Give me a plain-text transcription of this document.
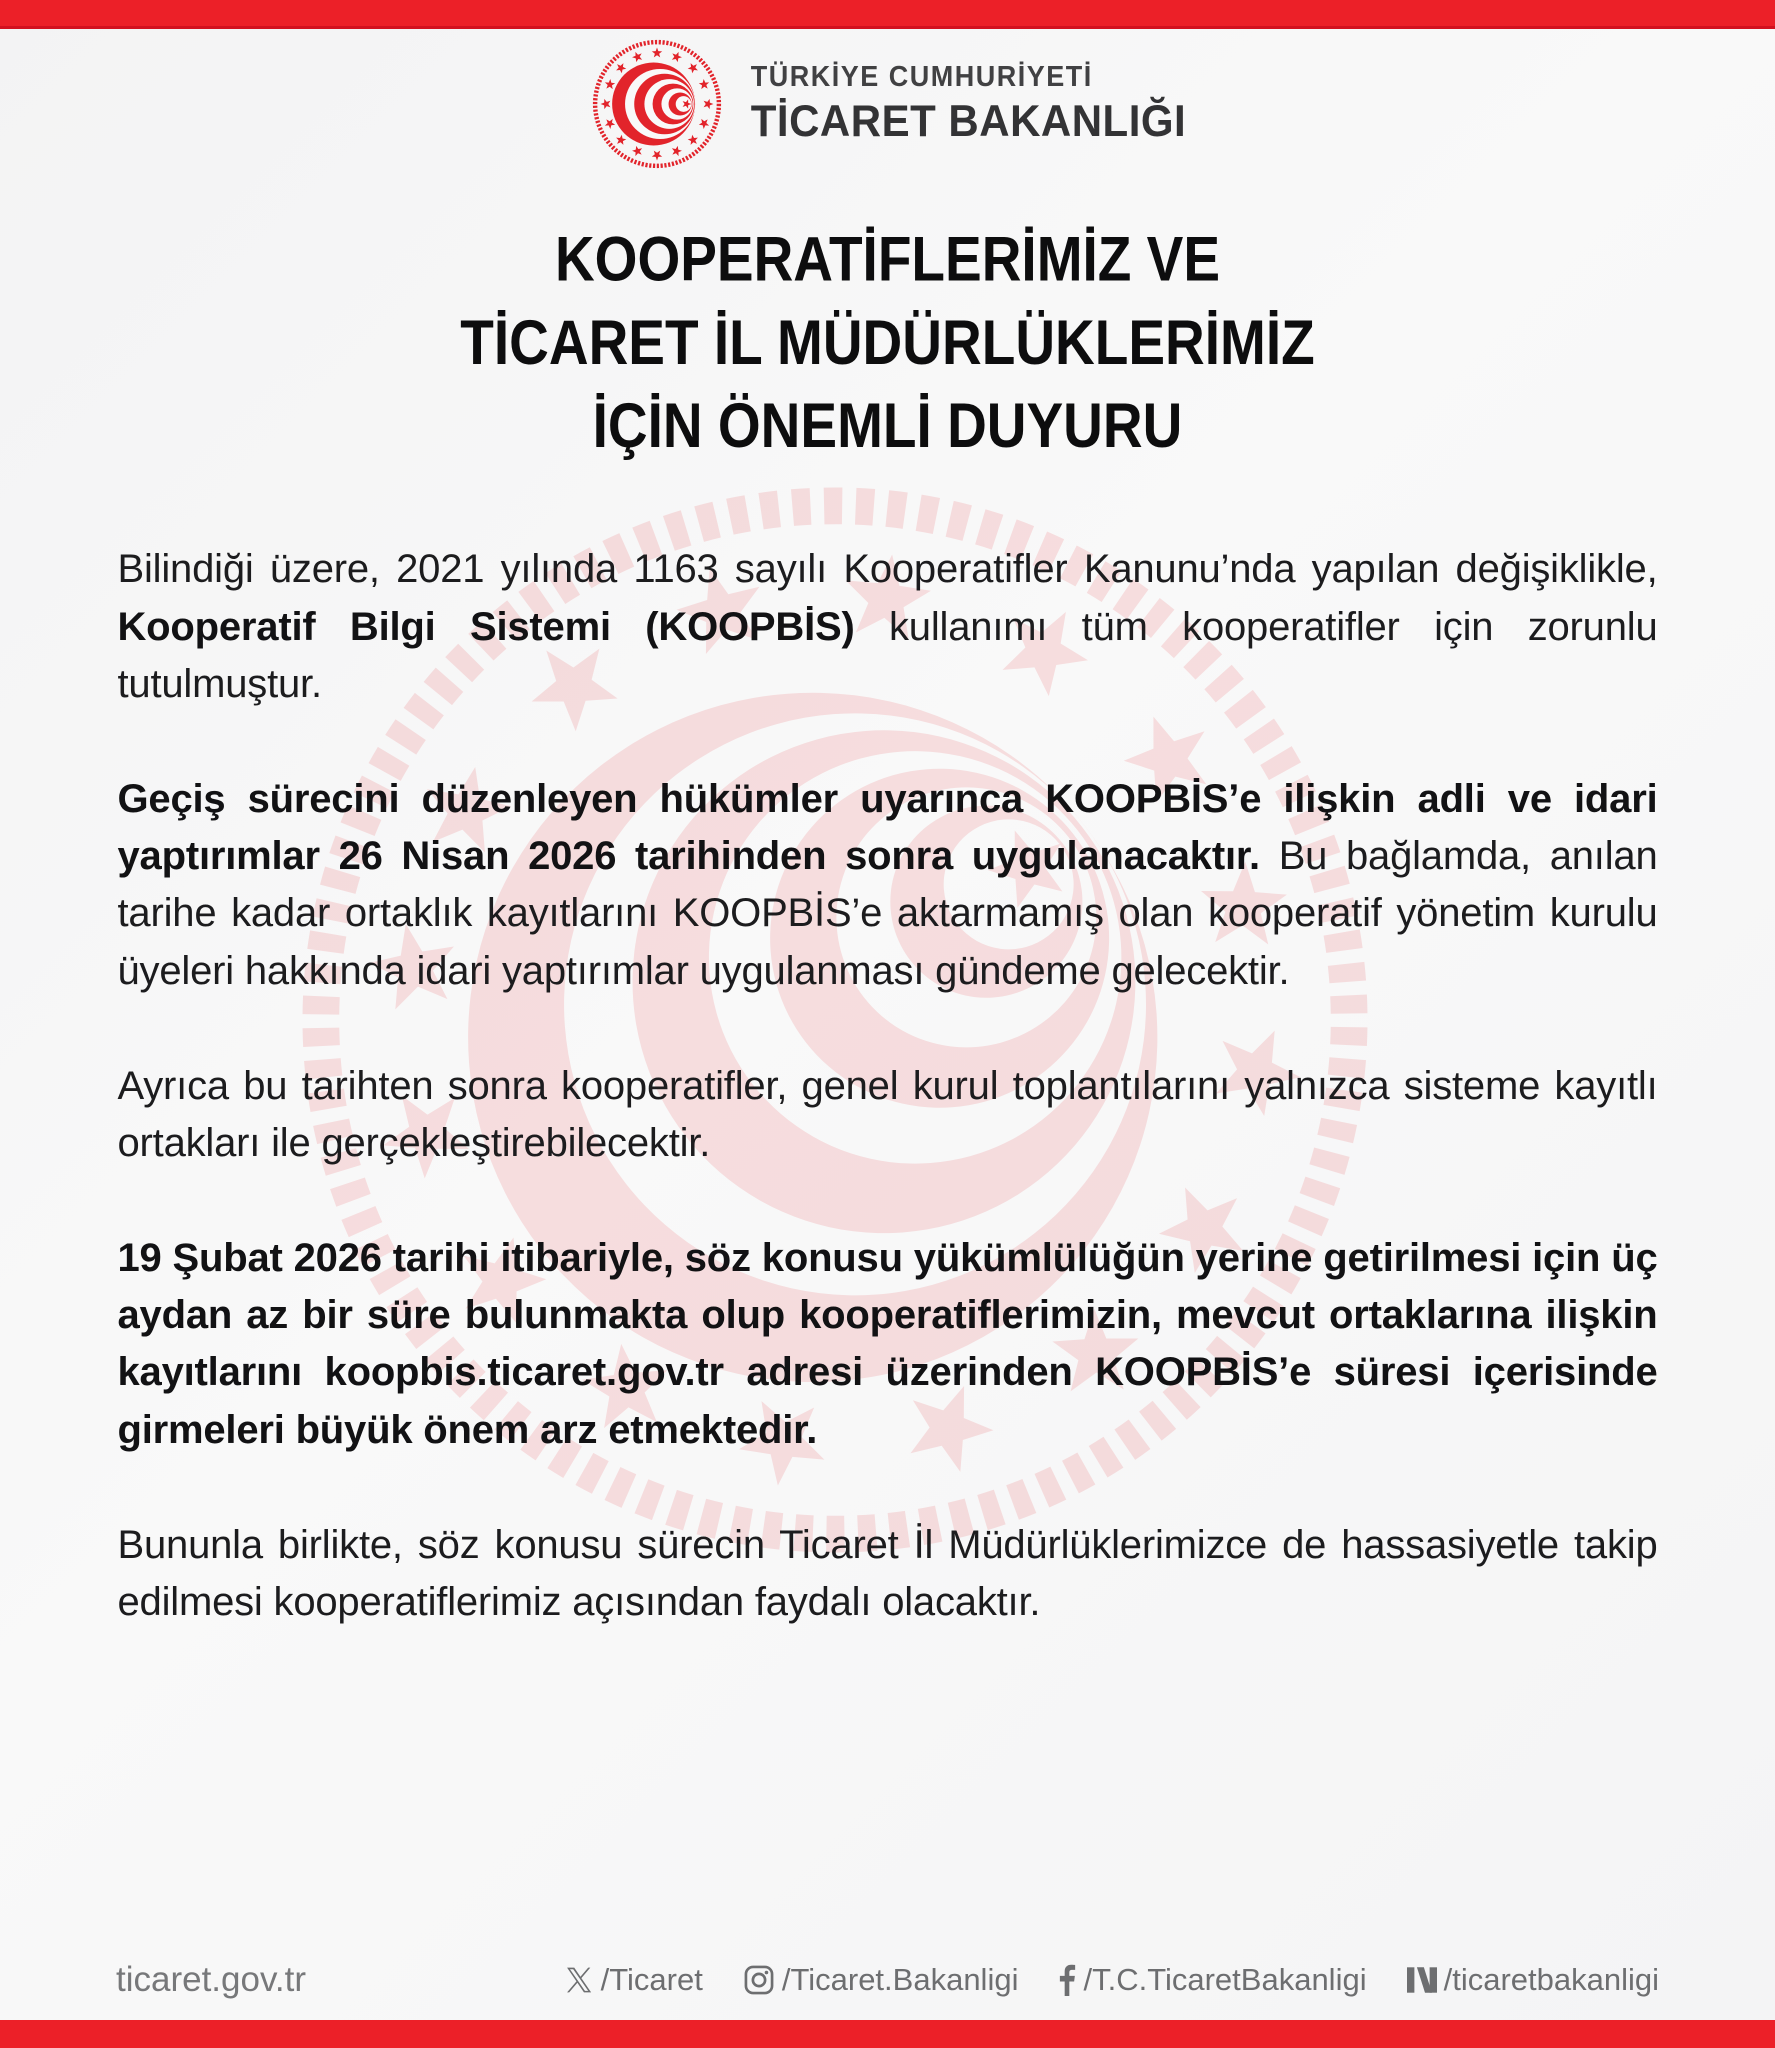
TÜRKİYE CUMHURİYETİ
TİCARET BAKANLIĞI
KOOPERATİFLERİMİZ VE
TİCARET İL MÜDÜRLÜKLERİMİZ
İÇİN ÖNEMLİ DUYURU

Bilindiği üzere, 2021 yılında 1163 sayılı Kooperatifler Kanunu’nda yapılan değişiklikle, Kooperatif Bilgi Sistemi (KOOPBİS) kullanımı tüm kooperatifler için zorunlu tutulmuştur.

Geçiş sürecini düzenleyen hükümler uyarınca KOOPBİS’e ilişkin adli ve idari yaptırımlar 26 Nisan 2026 tarihinden sonra uygulanacaktır. Bu bağlamda, anılan tarihe kadar ortaklık kayıtlarını KOOPBİS’e aktarmamış olan kooperatif yönetim kurulu üyeleri hakkında idari yaptırımlar uygulanması gündeme gelecektir.

Ayrıca bu tarihten sonra kooperatifler, genel kurul toplantılarını yalnızca sisteme kayıtlı ortakları ile gerçekleştirebilecektir.

19 Şubat 2026 tarihi itibariyle, söz konusu yükümlülüğün yerine getirilmesi için üç aydan az bir süre bulunmakta olup kooperatiflerimizin, mevcut ortaklarına ilişkin kayıtlarını koopbis.ticaret.gov.tr adresi üzerinden KOOPBİS’e süresi içerisinde girmeleri büyük önem arz etmektedir.

Bununla birlikte, söz konusu sürecin Ticaret İl Müdürlüklerimizce de hassasiyetle takip edilmesi kooperatiflerimiz açısından faydalı olacaktır.

ticaret.gov.tr	/Ticaret	/Ticaret.Bakanligi /T.C.TicaretBakanligi /ticaretbakanligi
